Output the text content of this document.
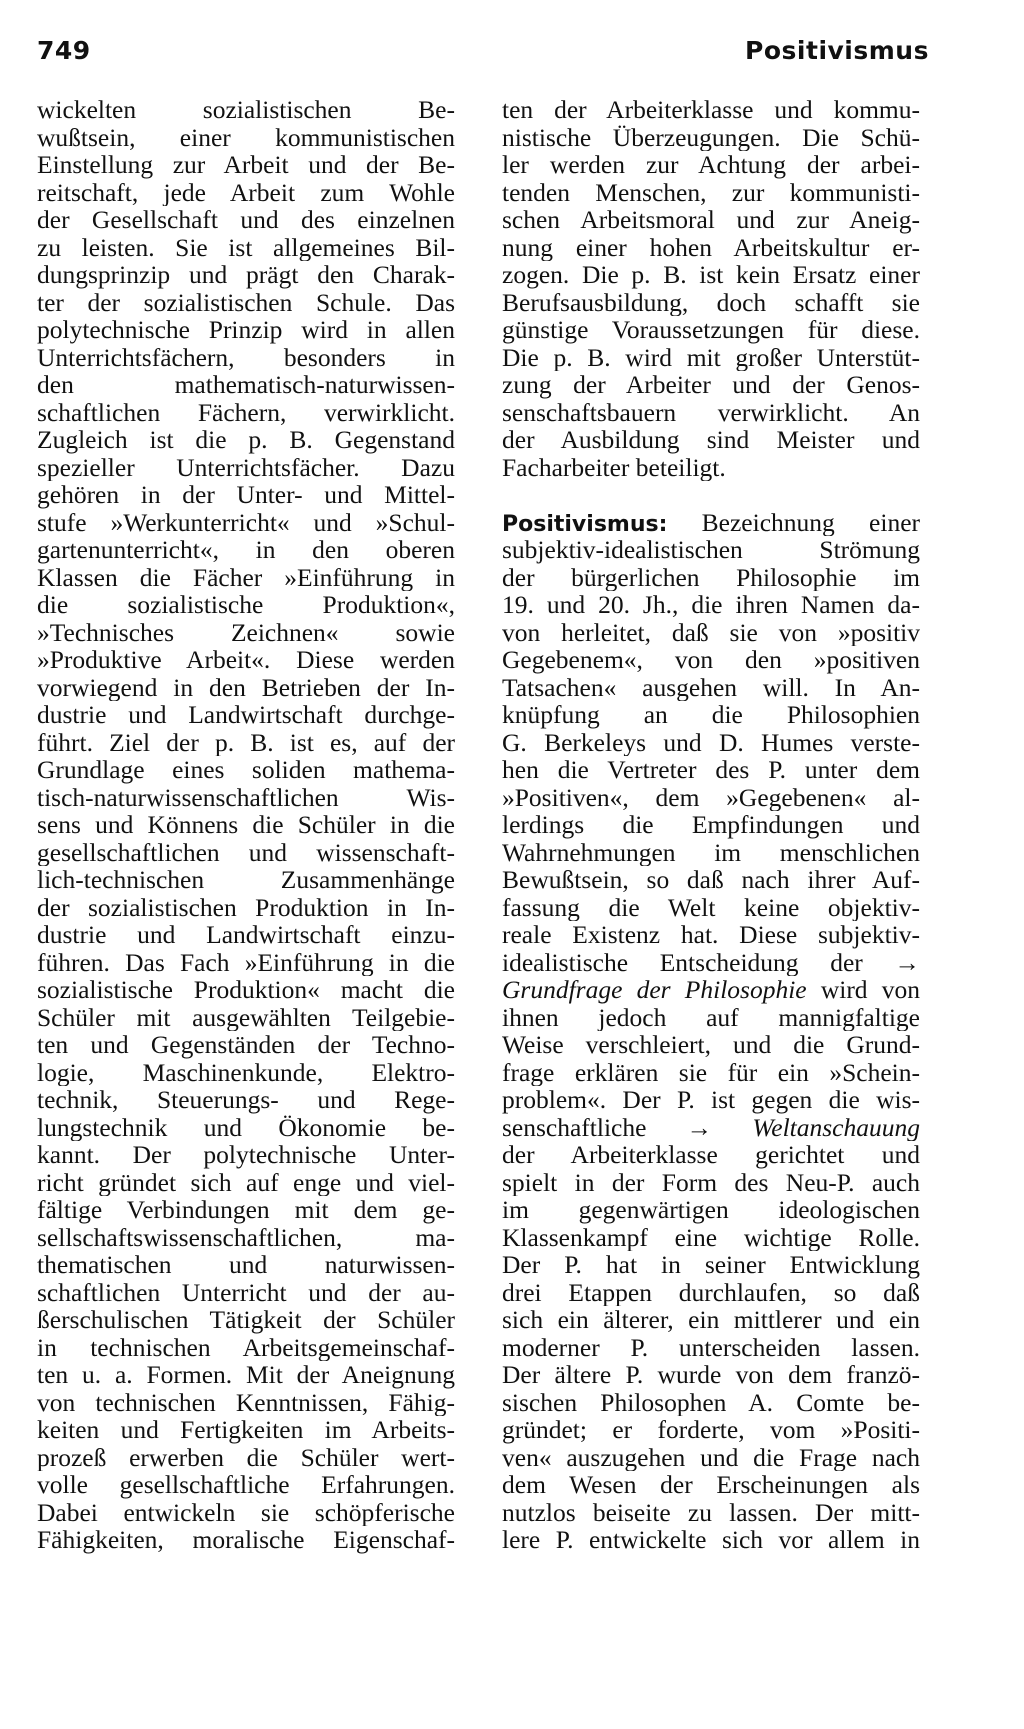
749	Positivismus
wickelten sozialistischen Be-
wußtsein, einer kommunistischen
Einstellung zur Arbeit und der Be-
reitschaft, jede Arbeit zum Wohle
der Gesellschaft und des einzelnen
zu leisten. Sie ist allgemeines Bil-
dungsprinzip und prägt den Charak-
ter der sozialistischen Schule. Das
polytechnische Prinzip wird in allen
Unterrichtsfächern, besonders in
den mathematisch-naturwissen-
schaftlichen Fächern, verwirklicht.
Zugleich ist die p. B. Gegenstand
spezieller Unterrichtsfächer. Dazu
gehören in der Unter- und Mittel-
stufe »Werkunterricht« und »Schul-
gartenunterricht«, in den oberen
Klassen die Fächer »Einführung in
die sozialistische Produktion«,
»Technisches Zeichnen« sowie
»Produktive Arbeit«. Diese werden
vorwiegend in den Betrieben der In-
dustrie und Landwirtschaft durchge-
führt. Ziel der p. B. ist es, auf der
Grundlage eines soliden mathema-
tisch-naturwissenschaftlichen Wis-
sens und Könnens die Schüler in die
gesellschaftlichen und wissenschaft-
lich-technischen Zusammenhänge
der sozialistischen Produktion in In-
dustrie und Landwirtschaft einzu-
führen. Das Fach »Einführung in die
sozialistische Produktion« macht die
Schüler mit ausgewählten Teilgebie-
ten und Gegenständen der Techno-
logie, Maschinenkunde, Elektro-
technik, Steuerungs- und Rege-
lungstechnik und Ökonomie be-
kannt. Der polytechnische Unter-
richt gründet sich auf enge und viel-
fältige Verbindungen mit dem ge-
sellschaftswissenschaftlichen, ma-
thematischen und naturwissen-
schaftlichen Unterricht und der au-
ßerschulischen Tätigkeit der Schüler
in technischen Arbeitsgemeinschaf-
ten u. a. Formen. Mit der Aneignung
von technischen Kenntnissen, Fähig-
keiten und Fertigkeiten im Arbeits-
prozeß erwerben die Schüler wert-
volle gesellschaftliche Erfahrungen.
Dabei entwickeln sie schöpferische
Fähigkeiten, moralische Eigenschaf-
ten der Arbeiterklasse und kommu-
nistische Überzeugungen. Die Schü-
ler werden zur Achtung der arbei-
tenden Menschen, zur kommunisti-
schen Arbeitsmoral und zur Aneig-
nung einer hohen Arbeitskultur er-
zogen. Die p. B. ist kein Ersatz einer
Berufsausbildung, doch schafft sie
günstige Voraussetzungen für diese.
Die p. B. wird mit großer Unterstüt-
zung der Arbeiter und der Genos-
senschaftsbauern verwirklicht. An
der Ausbildung sind Meister und
Facharbeiter beteiligt.
Positivismus: Bezeichnung einer
subjektiv-idealistischen Strömung
der bürgerlichen Philosophie im
19. und 20. Jh., die ihren Namen da-
von herleitet, daß sie von »positiv
Gegebenem«, von den »positiven
Tatsachen« ausgehen will. In An-
knüpfung an die Philosophien
G. Berkeleys und D. Humes verste-
hen die Vertreter des P. unter dem
»Positiven«, dem »Gegebenen« al-
lerdings die Empfindungen und
Wahrnehmungen im menschlichen
Bewußtsein, so daß nach ihrer Auf-
fassung die Welt keine objektiv-
reale Existenz hat. Diese subjektiv-
idealistische Entscheidung der →
Grundfrage der Philosophie wird von
ihnen jedoch auf mannigfaltige
Weise verschleiert, und die Grund-
frage erklären sie für ein »Schein-
problem«. Der P. ist gegen die wis-
senschaftliche → Weltanschauung
der Arbeiterklasse gerichtet und
spielt in der Form des Neu-P. auch
im gegenwärtigen ideologischen
Klassenkampf eine wichtige Rolle.
Der P. hat in seiner Entwicklung
drei Etappen durchlaufen, so daß
sich ein älterer, ein mittlerer und ein
moderner P. unterscheiden lassen.
Der ältere P. wurde von dem franzö-
sischen Philosophen A. Comte be-
gründet; er forderte, vom »Positi-
ven« auszugehen und die Frage nach
dem Wesen der Erscheinungen als
nutzlos beiseite zu lassen. Der mitt-
lere P. entwickelte sich vor allem in
